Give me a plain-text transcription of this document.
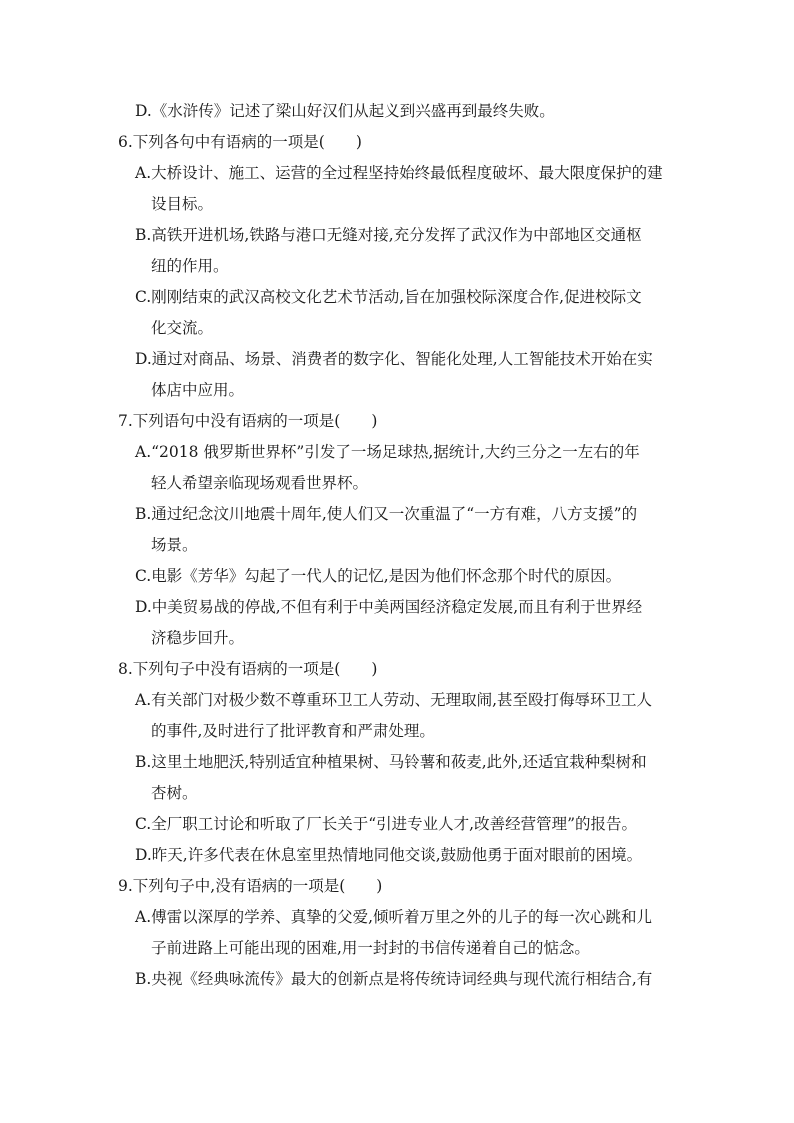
D.《水浒传》记述了梁山好汉们从起义到兴盛再到最终失败。
6.下列各句中有语病的一项是(　　)
A.大桥设计、施工、运营的全过程坚持始终最低程度破坏、最大限度保护的建
设目标。
B.高铁开进机场,铁路与港口无缝对接,充分发挥了武汉作为中部地区交通枢
纽的作用。
C.刚刚结束的武汉高校文化艺术节活动,旨在加强校际深度合作,促进校际文
化交流。
D.通过对商品、场景、消费者的数字化、智能化处理,人工智能技术开始在实
体店中应用。
7.下列语句中没有语病的一项是(　　)
A.“2018 俄罗斯世界杯”引发了一场足球热,据统计,大约三分之一左右的年
轻人希望亲临现场观看世界杯。
B.通过纪念汶川地震十周年,使人们又一次重温了“一方有难，八方支援”的
场景。
C.电影《芳华》勾起了一代人的记忆,是因为他们怀念那个时代的原因。
D.中美贸易战的停战,不但有利于中美两国经济稳定发展,而且有利于世界经
济稳步回升。
8.下列句子中没有语病的一项是(　　)
A.有关部门对极少数不尊重环卫工人劳动、无理取闹,甚至殴打侮辱环卫工人
的事件,及时进行了批评教育和严肃处理。
B.这里土地肥沃,特别适宜种植果树、马铃薯和莜麦,此外,还适宜栽种梨树和
杏树。
C.全厂职工讨论和听取了厂长关于“引进专业人才,改善经营管理”的报告。
D.昨天,许多代表在休息室里热情地同他交谈,鼓励他勇于面对眼前的困境。
9.下列句子中,没有语病的一项是(　　)
A.傅雷以深厚的学养、真挚的父爱,倾听着万里之外的儿子的每一次心跳和儿
子前进路上可能出现的困难,用一封封的书信传递着自己的惦念。
B.央视《经典咏流传》最大的创新点是将传统诗词经典与现代流行相结合,有
